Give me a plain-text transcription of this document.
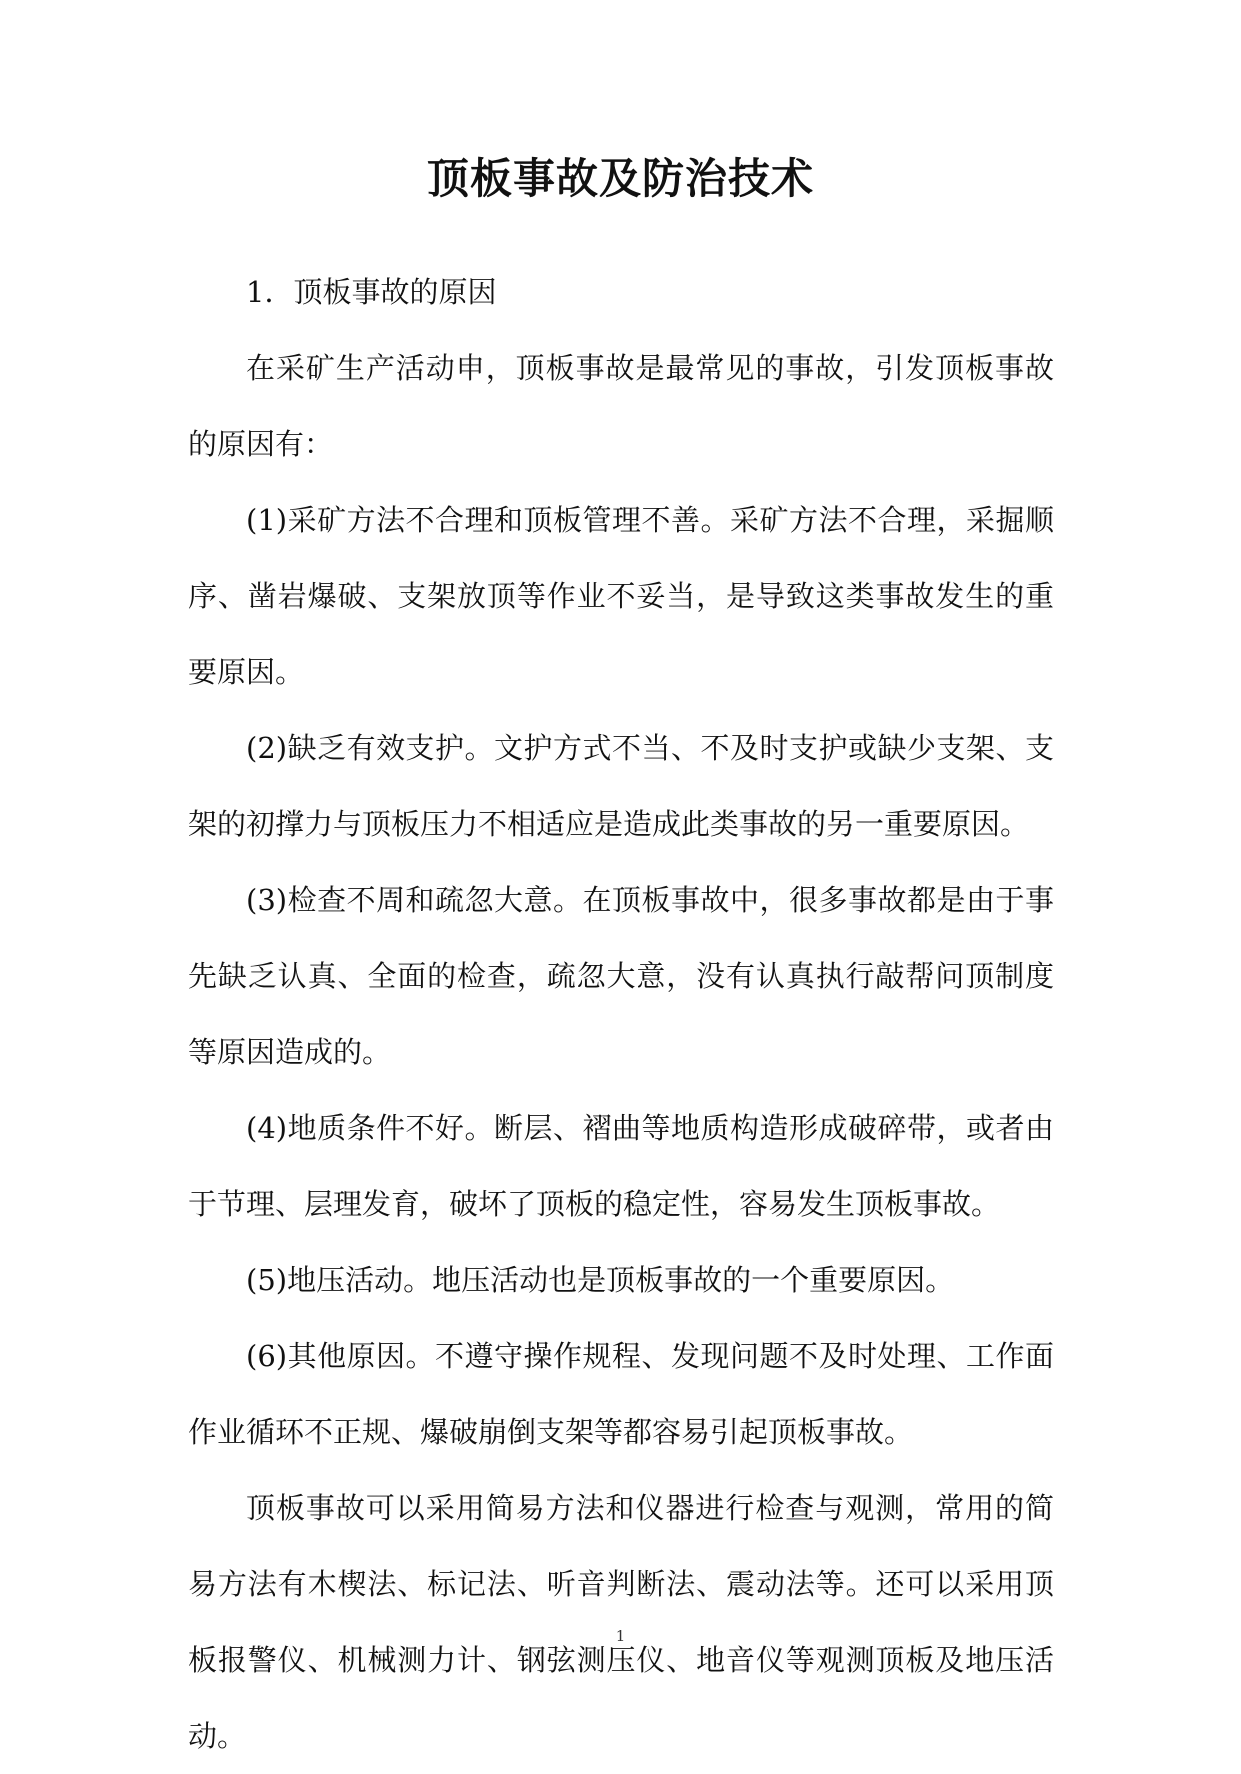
顶板事故及防治技术

1．顶板事故的原因

在采矿生产活动申，顶板事故是最常见的事故，引发顶板事故的原因有：

(1)采矿方法不合理和顶板管理不善。采矿方法不合理，采掘顺序、凿岩爆破、支架放顶等作业不妥当，是导致这类事故发生的重要原因。

(2)缺乏有效支护。文护方式不当、不及时支护或缺少支架、支架的初撑力与顶板压力不相适应是造成此类事故的另一重要原因。

(3)检查不周和疏忽大意。在顶板事故中，很多事故都是由于事先缺乏认真、全面的检查，疏忽大意，没有认真执行敲帮问顶制度等原因造成的。

(4)地质条件不好。断层、褶曲等地质构造形成破碎带，或者由于节理、层理发育，破坏了顶板的稳定性，容易发生顶板事故。

(5)地压活动。地压活动也是顶板事故的一个重要原因。

(6)其他原因。不遵守操作规程、发现问题不及时处理、工作面作业循环不正规、爆破崩倒支架等都容易引起顶板事故。

顶板事故可以采用简易方法和仪器进行检查与观测，常用的简易方法有木楔法、标记法、听音判断法、震动法等。还可以采用顶板报警仪、机械测力计、钢弦测压仪、地音仪等观测顶板及地压活动。

1
